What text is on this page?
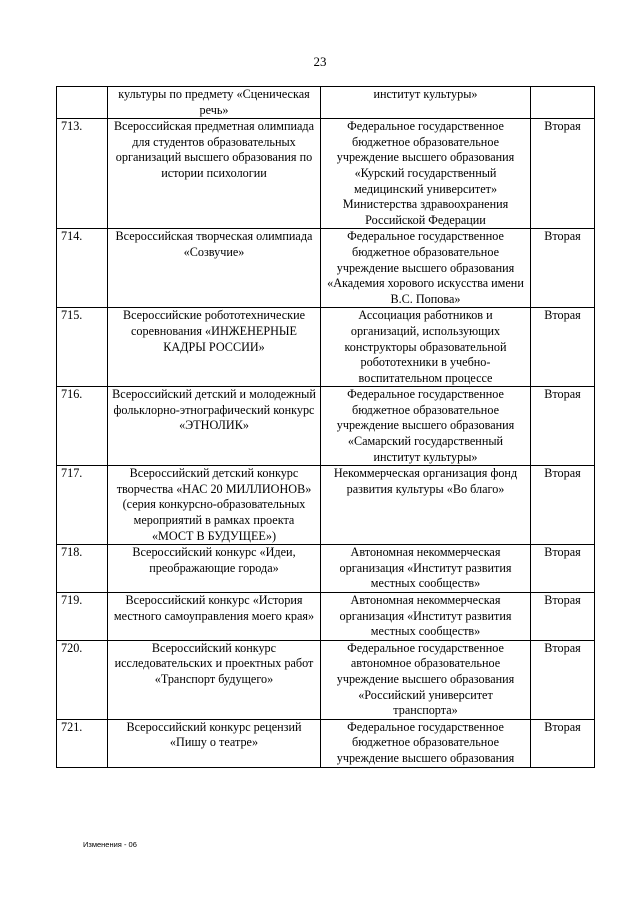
23
	культуры по предмету «Сценическая речь»	институт культуры»	
713.	Всероссийская предметная олимпиада для студентов образовательных организаций высшего образования по истории психологии	Федеральное государственное бюджетное образовательное учреждение высшего образования «Курский государственный медицинский университет» Министерства здравоохранения Российской Федерации	Вторая
714.	Всероссийская творческая олимпиада «Созвучие»	Федеральное государственное бюджетное образовательное учреждение высшего образования «Академия хорового искусства имени В.С. Попова»	Вторая
715.	Всероссийские робототехнические соревнования «ИНЖЕНЕРНЫЕ КАДРЫ РОССИИ»	Ассоциация работников и организаций, использующих конструкторы образовательной робототехники в учебно-воспитательном процессе	Вторая
716.	Всероссийский детский и молодежный фольклорно-этнографический конкурс «ЭТНОЛИК»	Федеральное государственное бюджетное образовательное учреждение высшего образования «Самарский государственный институт культуры»	Вторая
717.	Всероссийский детский конкурс творчества «НАС 20 МИЛЛИОНОВ» (серия конкурсно-образовательных мероприятий в рамках проекта «МОСТ В БУДУЩЕЕ»)	Некоммерческая организация фонд развития культуры «Во благо»	Вторая
718.	Всероссийский конкурс «Идеи, преображающие города»	Автономная некоммерческая организация «Институт развития местных сообществ»	Вторая
719.	Всероссийский конкурс «История местного самоуправления моего края»	Автономная некоммерческая организация «Институт развития местных сообществ»	Вторая
720.	Всероссийский конкурс исследовательских и проектных работ «Транспорт будущего»	Федеральное государственное автономное образовательное учреждение высшего образования «Российский университет транспорта»	Вторая
721.	Всероссийский конкурс рецензий «Пишу о театре»	Федеральное государственное бюджетное образовательное учреждение высшего образования	Вторая
Изменения - 06
